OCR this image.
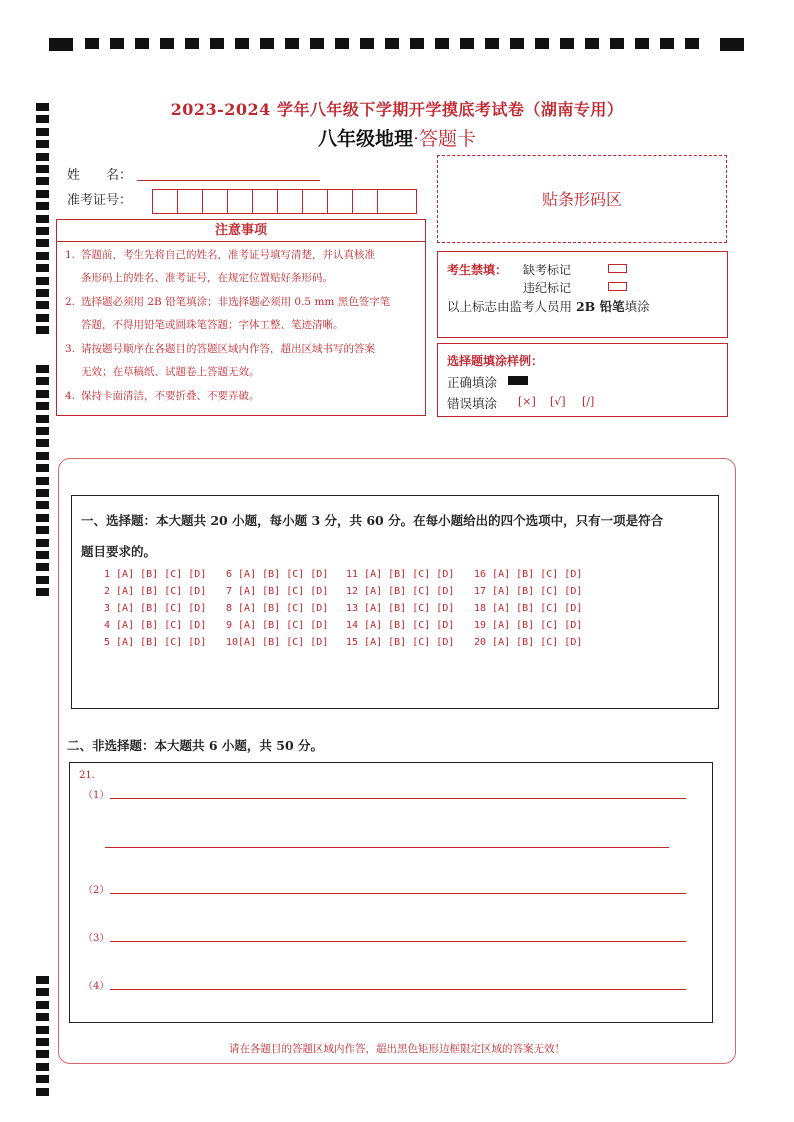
2023-2024 学年八年级下学期开学摸底考试卷（湖南专用）
八年级地理·答题卡
姓　　名：
准考证号：	贴条形码区
注意事项
1. 答题前，考生先将自己的姓名，准考证号填写清楚，并认真核准
条形码上的姓名、准考证号，在规定位置贴好条形码。
2. 选择题必须用 2B 铅笔填涂；非选择题必须用 0.5 mm 黑色签字笔
答题，不得用铅笔或圆珠笔答题；字体工整、笔迹清晰。
3. 请按题号顺序在各题目的答题区域内作答，超出区域书写的答案
无效；在草稿纸、试题卷上答题无效。
4. 保持卡面清洁，不要折叠、不要弄破。
考生禁填： 缺考标记
违纪标记
以上标志由监考人员用 2B 铅笔填涂
选择题填涂样例：
正确填涂
错误填涂 [×] [√] [/]
一、选择题：本大题共 20 小题，每小题 3 分，共 60 分。在每小题给出的四个选项中，只有一项是符合
题目要求的。
1 [A] [B] [C] [D]
2 [A] [B] [C] [D]
3 [A] [B] [C] [D]
4 [A] [B] [C] [D]
5 [A] [B] [C] [D]
6 [A] [B] [C] [D]
7 [A] [B] [C] [D]
8 [A] [B] [C] [D]
9 [A] [B] [C] [D]
10[A] [B] [C] [D]
11 [A] [B] [C] [D]
12 [A] [B] [C] [D]
13 [A] [B] [C] [D]
14 [A] [B] [C] [D]
15 [A] [B] [C] [D]
16 [A] [B] [C] [D]
17 [A] [B] [C] [D]
18 [A] [B] [C] [D]
19 [A] [B] [C] [D]
20 [A] [B] [C] [D]
二、非选择题：本大题共 6 小题，共 50 分。
21.
（1）
（2）
（3）
（4）
请在各题目的答题区域内作答，超出黑色矩形边框限定区域的答案无效！
